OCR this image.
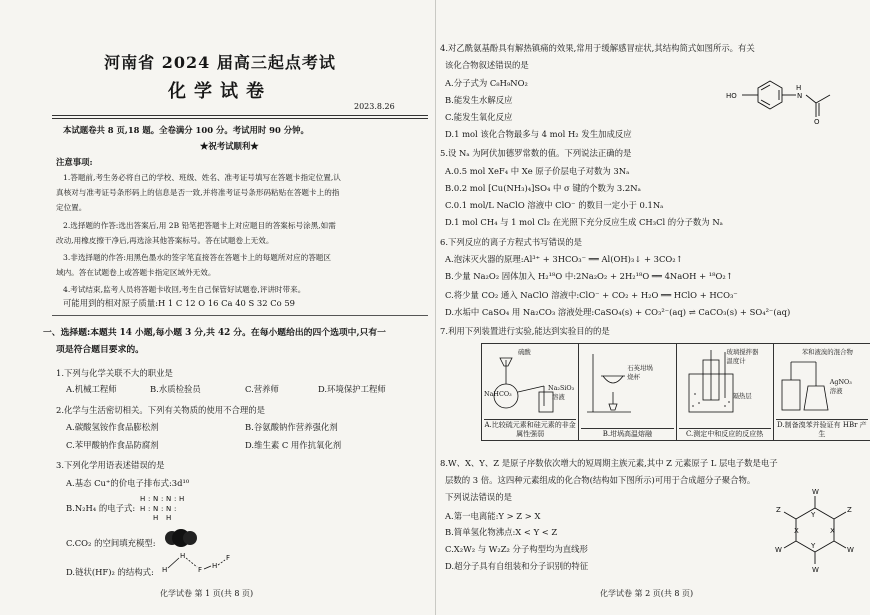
河南省 2024 届高三起点考试
化学试卷
2023.8.26
本试题卷共 8 页,18 题。全卷满分 100 分。考试用时 90 分钟。
★祝考试顺利★
注意事项:
1.答题前,考生务必将自己的学校、班级、姓名、准考证号填写在答题卡指定位置,认
真核对与准考证号条形码上的信息是否一致,并将准考证号条形码粘贴在答题卡上的指
定位置。
2.选择题的作答:选出答案后,用 2B 铅笔把答题卡上对应题目的答案标号涂黑,如需
改动,用橡皮擦干净后,再选涂其他答案标号。答在试题卷上无效。
3.非选择题的作答:用黑色墨水的签字笔直接答在答题卡上的每题所对应的答题区
域内。答在试题卷上或答题卡指定区域外无效。
4.考试结束,监考人员将答题卡收回,考生自己保管好试题卷,评讲时带来。
可能用到的相对原子质量:H 1 C 12 O 16 Ca 40 S 32 Co 59
一、选择题:本题共 14 小题,每小题 3 分,共 42 分。在每小题给出的四个选项中,只有一
项是符合题目要求的。
1.下列与化学关联不大的职业是
A.机械工程师	B.水质检验员	C.营养师	D.环境保护工程师
2.化学与生活密切相关。下列有关物质的使用不合理的是
A.碳酸氢铵作食品膨松剂	B.谷氨酸钠作营养强化剂
C.苯甲酸钠作食品防腐剂	D.维生素 C 用作抗氧化剂
3.下列化学用语表述错误的是
A.基态 Cu⁺的价电子排布式:3d¹⁰
B.N₂H₄ 的电子式:
H : N : N : H
H : N : N :
H H
C.CO₂ 的空间填充模型:
D.链状(HF)₂ 的结构式: H
H
F H
F
化学试卷 第 1 页(共 8 页)
4.对乙酰氨基酚具有解热镇痛的效果,常用于缓解感冒症状,其结构简式如图所示。有关
该化合物叙述错误的是
A.分子式为 C₈H₉NO₂
B.能发生水解反应
C.能发生氧化反应
D.1 mol 该化合物最多与 4 mol H₂ 发生加成反应
HO
H
N
O
5.设 Nₐ 为阿伏加德罗常数的值。下列说法正确的是
A.0.5 mol XeF₄ 中 Xe 原子价层电子对数为 3Nₐ
B.0.2 mol [Cu(NH₃)₄]SO₄ 中 σ 键的个数为 3.2Nₐ
C.0.1 mol/L NaClO 溶液中 ClO⁻ 的数目一定小于 0.1Nₐ
D.1 mol CH₄ 与 1 mol Cl₂ 在光照下充分反应生成 CH₃Cl 的分子数为 Nₐ
6.下列反应的离子方程式书写错误的是
A.泡沫灭火器的原理:Al³⁺ + 3HCO₃⁻ ══ Al(OH)₃↓ + 3CO₂↑
B.少量 Na₂O₂ 固体加入 H₂¹⁸O 中:2Na₂O₂ + 2H₂¹⁸O ══ 4NaOH + ¹⁸O₂↑
C.将少量 CO₂ 通入 NaClO 溶液中:ClO⁻ + CO₂ + H₂O ══ HClO + HCO₃⁻
D.水垢中 CaSO₄ 用 Na₂CO₃ 溶液处理:CaSO₄(s) + CO₃²⁻(aq) ⇌ CaCO₃(s) + SO₄²⁻(aq)
7.利用下列装置进行实验,能达到实验目的的是
硫酸
NaHCO₃
Na₂SiO₃
溶液
A.比较硫元素和硅元素的非金属性强弱
石英坩埚
烧杯
B.坩埚高温熔融
玻璃搅拌器
温度计
隔热层
C.测定中和反应的反应热
苯和液溴的混合物
AgNO₃
溶液
D.制备溴苯并验证有 HBr 产生
8.W、X、Y、Z 是原子序数依次增大的短周期主族元素,其中 Z 元素原子 L 层电子数是电子
层数的 3 倍。这四种元素组成的化合物(结构如下图所示)可用于合成超分子聚合物。
下列说法错误的是
A.第一电离能:Y > Z > X
B.简单氢化物沸点:X < Y < Z
C.X₂W₂ 与 W₂Z₂ 分子构型均为直线形
D.超分子具有自组装和分子识别的特征
W
Z
W
W
W
Z
Y
X
Y
X
化学试卷 第 2 页(共 8 页)
